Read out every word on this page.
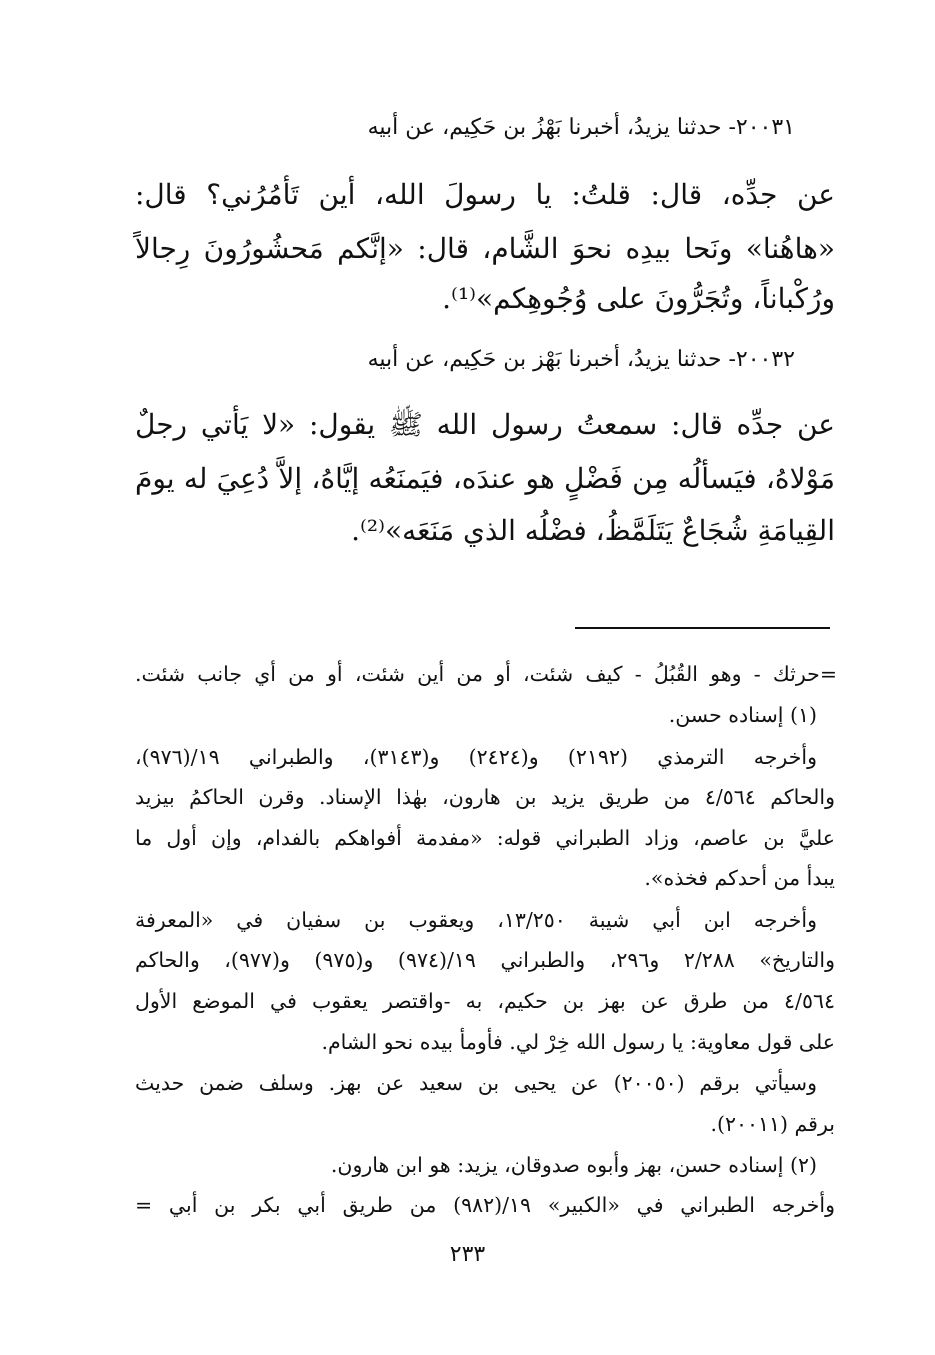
٢٠٠٣١- حدثنا يزيدُ، أخبرنا بَهْزُ بن حَكِيم، عن أبيه

عن جدِّه، قال: قلتُ: يا رسولَ الله، أين تَأمُرُني؟ قال:

«هاهُنا» ونَحا بيدِه نحوَ الشَّام، قال: «إنَّكم مَحشُورُونَ رِجالاً

ورُكْباناً، وتُجَرُّونَ على وُجُوهِكم»⁽¹⁾.

٢٠٠٣٢- حدثنا يزيدُ، أخبرنا بَهْز بن حَكِيم، عن أبيه

عن جدِّه قال: سمعتُ رسول الله ﷺ يقول: «لا يَأتي رجلٌ

مَوْلاهُ، فيَسألُه مِن فَضْلٍ هو عندَه، فيَمنَعُه إيَّاهُ، إلاَّ دُعِيَ له يومَ

القِيامَةِ شُجَاعٌ يَتَلَمَّظُ، فضْلُه الذي مَنَعَه»⁽²⁾.

=حرثك - وهو القُبُلُ - كيف شئت، أو من أين شئت، أو من أي جانب شئت.

(١) إسناده حسن.

وأخرجه الترمذي (٢١٩٢) و(٢٤٢٤) و(٣١٤٣)، والطبراني ١٩/(٩٧٦)،

والحاكم ٤/٥٦٤ من طريق يزيد بن هارون، بهٰذا الإسناد. وقرن الحاكمُ بيزيد

عليَّ بن عاصم، وزاد الطبراني قوله: «مفدمة أفواهكم بالفدام، وإن أول ما

يبدأ من أحدكم فخذه».

وأخرجه ابن أبي شيبة ١٣/٢٥٠، ويعقوب بن سفيان في «المعرفة

والتاريخ» ٢/٢٨٨ و٢٩٦، والطبراني ١٩/(٩٧٤) و(٩٧٥) و(٩٧٧)، والحاكم

٤/٥٦٤ من طرق عن بهز بن حكيم، به -واقتصر يعقوب في الموضع الأول

على قول معاوية: يا رسول الله خِرْ لي. فأومأ بيده نحو الشام.

وسيأتي برقم (٢٠٠٥٠) عن يحيى بن سعيد عن بهز. وسلف ضمن حديث

برقم (٢٠٠١١).

(٢) إسناده حسن، بهز وأبوه صدوقان، يزيد: هو ابن هارون.

وأخرجه الطبراني في «الكبير» ١٩/(٩٨٢) من طريق أبي بكر بن أبي =

٢٣٣
